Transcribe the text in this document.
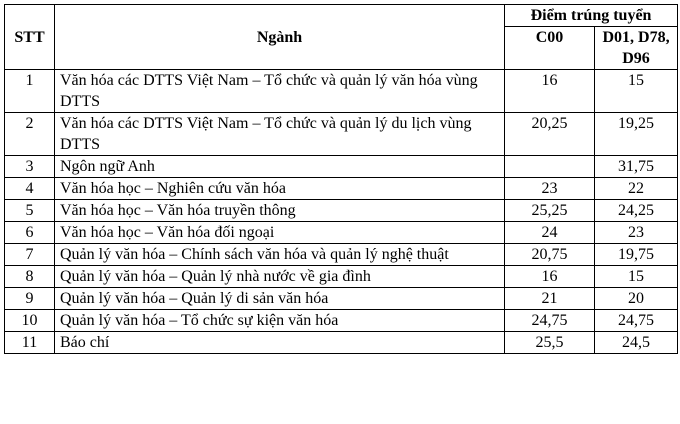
STT	Ngành	Điểm trúng tuyển	
		C00	D01, D78, D96
1	Văn hóa các DTTS Việt Nam – Tổ chức và quản lý văn hóa vùng DTTS	16	15
2	Văn hóa các DTTS Việt Nam – Tổ chức và quản lý du lịch vùng DTTS	20,25	19,25
3	Ngôn ngữ Anh		31,75
4	Văn hóa học – Nghiên cứu văn hóa	23	22
5	Văn hóa học – Văn hóa truyền thông	25,25	24,25
6	Văn hóa học – Văn hóa đối ngoại	24	23
7	Quản lý văn hóa – Chính sách văn hóa và quản lý nghệ thuật	20,75	19,75
8	Quản lý văn hóa – Quản lý nhà nước về gia đình	16	15
9	Quản lý văn hóa – Quản lý di sản văn hóa	21	20
10	Quản lý văn hóa – Tổ chức sự kiện văn hóa	24,75	24,75
11	Báo chí	25,5	24,5
